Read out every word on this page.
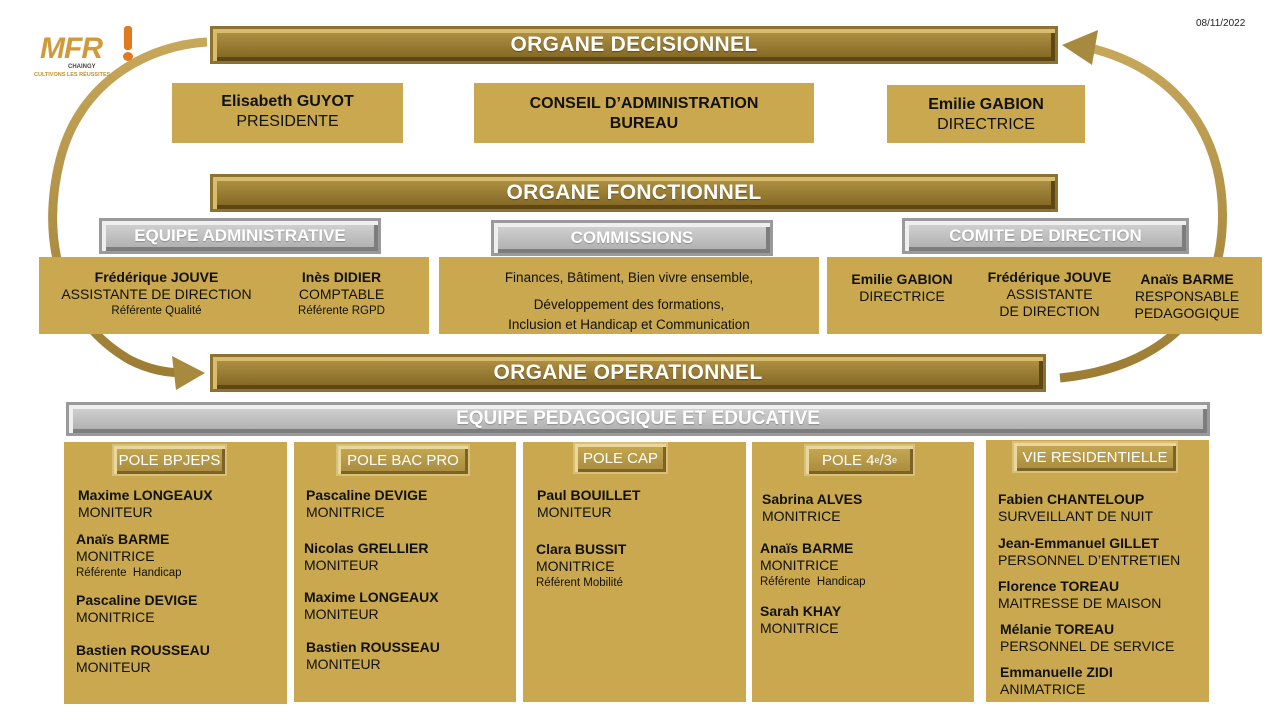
MFR
CHAINGY
CULTIVONS LES RÉUSSITES
08/11/2022
ORGANE DECISIONNEL
Elisabeth GUYOT
PRESIDENTE
CONSEIL D’ADMINISTRATION
BUREAU
Emilie GABION
DIRECTRICE
ORGANE FONCTIONNEL
EQUIPE ADMINISTRATIVE	COMMISSIONS	COMITE DE DIRECTION
Frédérique JOUVE
ASSISTANTE DE DIRECTION
Référente Qualité
Inès DIDIER
COMPTABLE
Référente RGPD
Finances, Bâtiment, Bien vivre ensemble,
Développement des formations,
Inclusion et Handicap et Communication
Emilie GABION
DIRECTRICE
Frédérique JOUVE
ASSISTANTE
DE DIRECTION
Anaïs BARME
RESPONSABLE
PEDAGOGIQUE
ORGANE OPERATIONNEL
EQUIPE PEDAGOGIQUE ET EDUCATIVE
POLE BPJEPS
Maxime LONGEAUX
MONITEUR
Anaïs BARME
MONITRICE
Référente  Handicap
Pascaline DEVIGE
MONITRICE
Bastien ROUSSEAU
MONITEUR
POLE BAC PRO
Pascaline DEVIGE
MONITRICE
Nicolas GRELLIER
MONITEUR
Maxime LONGEAUX
MONITEUR
Bastien ROUSSEAU
MONITEUR
POLE CAP
Paul BOUILLET
MONITEUR
Clara BUSSIT
MONITRICE
Référent Mobilité
POLE 4 e /3 e
Sabrina ALVES
MONITRICE
Anaïs BARME
MONITRICE
Référente  Handicap
Sarah KHAY
MONITRICE
VIE RESIDENTIELLE
Fabien CHANTELOUP
SURVEILLANT DE NUIT
Jean-Emmanuel GILLET
PERSONNEL D’ENTRETIEN
Florence TOREAU
MAITRESSE DE MAISON
Mélanie TOREAU
PERSONNEL DE SERVICE
Emmanuelle ZIDI
ANIMATRICE
